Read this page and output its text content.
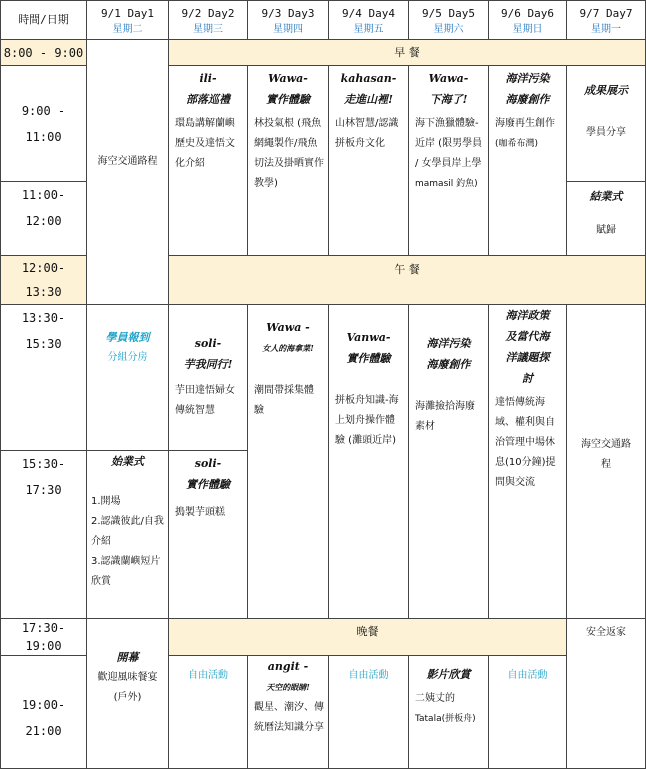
時間/日期	9/1 Day1
星期二
9/2 Day2
星期三
9/3 Day3
星期四
9/4 Day4
星期五
9/5 Day5
星期六
9/6 Day6
星期日
9/7 Day7
星期一
8:00 - 9:00
9:00 -
11:00
11:00-
12:00
12:00-
13:30
13:30-
15:30
15:30-
17:30
17:30-
19:00
19:00-
21:00
海空交通路程
學員報到
分組分房
始業式
1.開場
2.認識彼此/自我介紹
3.認識蘭嶼短片欣賞
開幕
歡迎風味餐宴
(戶外)
早 餐
午 餐
晚餐
ili-
部落巡禮
環島講解蘭嶼歷史及達悟文化介紹
soli-
芋我同行!
芋田達悟婦女傳統智慧
soli-
實作體驗
搗製芋頭糕
自由活動
Wawa-
實作體驗
林投氣根 (飛魚網繩製作/飛魚切法及掛晒實作教學)
Wawa -
女人的海拿菜!
潮間帶採集體驗
angit -
天空的眼睛!
觀星、潮汐、傳統曆法知識分享
kahasan-
走進山裡!
山林智慧/認識拼板舟文化
Vanwa-
實作體驗
拼板舟知識-海上划舟操作體驗 (灘頭近岸)
自由活動
Wawa-
下海了!
海下漁獵體驗-近岸 (限男學員 / 女學員岸上學
mamasil 釣魚)
海洋污染
海廢創作
海灘撿拾海廢素材
影片欣賞
二姨丈的
Tatala(拼板舟)
海洋污染
海廢創作
海廢再生創作
(咖希布灣)
海洋政策
及當代海
洋議題探
討
達悟傳統海域、權利與自治管理中場休息(10分鐘)提問與交流
自由活動
成果展示
學員分享
結業式
賦歸
海空交通路程
安全返家
